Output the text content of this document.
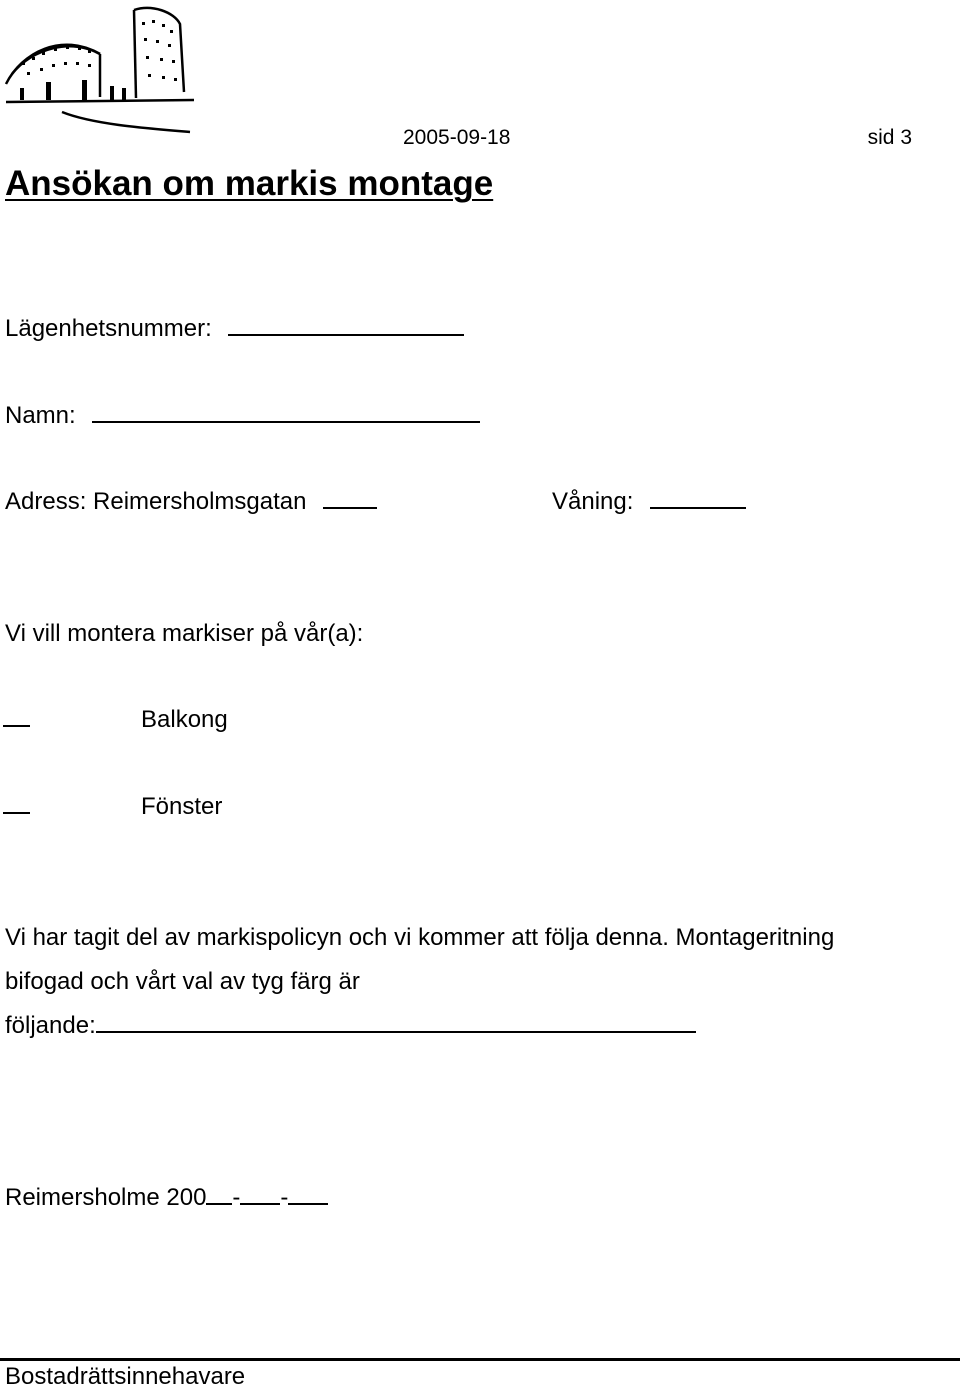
2005-09-18	sid 3
Ansökan om markis montage
Lägenhetsnummer:
Namn:
Adress: Reimersholmsgatan	Våning:
Vi vill montera markiser på vår(a):
Balkong
Fönster
Vi har tagit del av markispolicyn och vi kommer att följa denna. Montageritning
bifogad och vårt val av tyg färg är
följande:
Reimersholme 200 - -
Bostadrättsinnehavare
